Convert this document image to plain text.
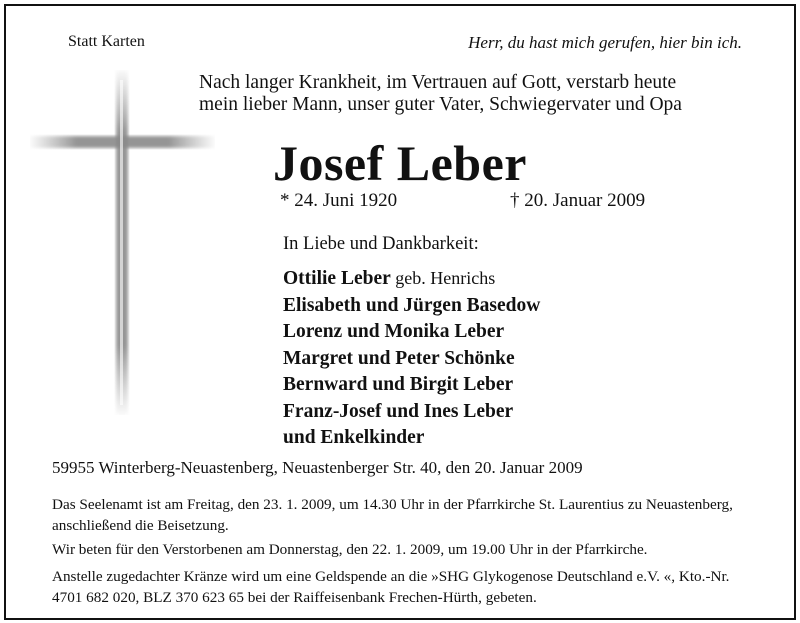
Statt Karten	Herr, du hast mich gerufen, hier bin ich.
Nach langer Krankheit, im Vertrauen auf Gott, verstarb heute
mein lieber Mann, unser guter Vater, Schwiegervater und Opa
Josef Leber
* 24. Juni 1920	† 20. Januar 2009
In Liebe und Dankbarkeit:
Ottilie Leber geb. Henrichs
Elisabeth und Jürgen Basedow
Lorenz und Monika Leber
Margret und Peter Schönke
Bernward und Birgit Leber
Franz-Josef und Ines Leber
und Enkelkinder
59955 Winterberg-Neuastenberg, Neuastenberger Str. 40, den 20. Januar 2009
Das Seelenamt ist am Freitag, den 23. 1. 2009, um 14.30 Uhr in der Pfarrkirche St. Laurentius zu Neuastenberg, anschließend die Beisetzung.
Wir beten für den Verstorbenen am Donnerstag, den 22. 1. 2009, um 19.00 Uhr in der Pfarrkirche.
Anstelle zugedachter Kränze wird um eine Geldspende an die »SHG Glykogenose Deutschland e.V. «, Kto.-Nr. 4701 682 020, BLZ 370 623 65 bei der Raiffeisenbank Frechen-Hürth, gebeten.
